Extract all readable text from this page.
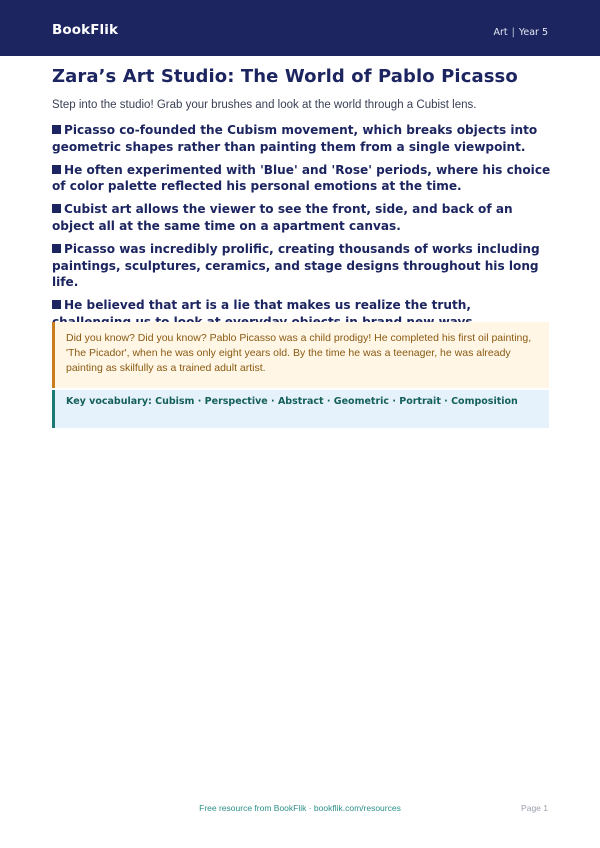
BookFlik	Art | Year 5
Zara’s Art Studio: The World of Pablo Picasso

Step into the studio! Grab your brushes and look at the world through a Cubist lens.

Picasso co-founded the Cubism movement, which breaks objects into geometric shapes rather than painting them from a single viewpoint.
He often experimented with 'Blue' and 'Rose' periods, where his choice of color palette reflected his personal emotions at the time.
Cubist art allows the viewer to see the front, side, and back of an object all at the same time on a apartment canvas.
Picasso was incredibly prolific, creating thousands of works including paintings, sculptures, ceramics, and stage designs throughout his long life.
He believed that art is a lie that makes us realize the truth,
Did you know? Did you know? Pablo Picasso was a child prodigy! He completed his first oil painting, 'The Picador', when he was only eight years old. By the time he was a teenager, he was already painting as skilfully as a trained adult artist.
Key vocabulary: Cubism · Perspective · Abstract · Geometric · Portrait · Composition
Free resource from BookFlik · bookflik.com/resources	Page 1
